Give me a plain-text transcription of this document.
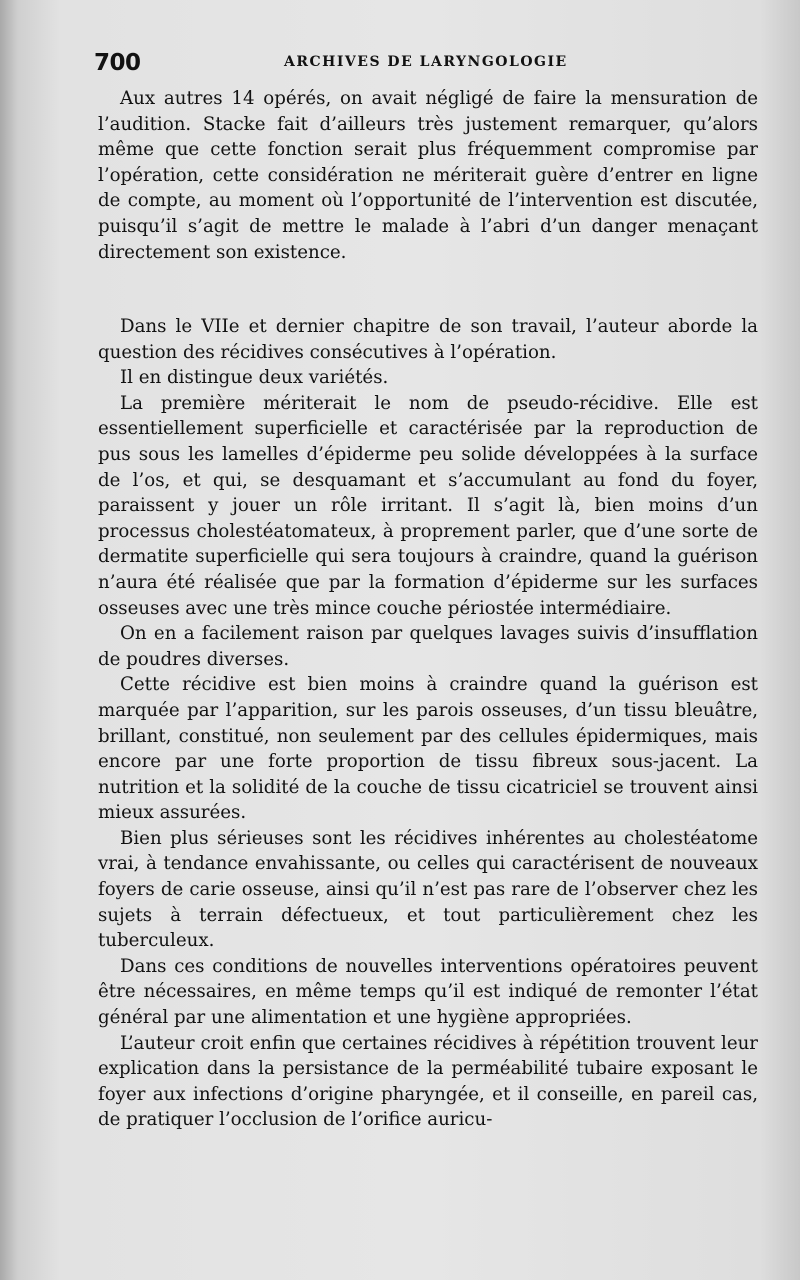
700	ARCHIVES DE LARYNGOLOGIE

Aux autres 14 opérés, on avait négligé de faire la mensuration de l’audition. Stacke fait d’ailleurs très justement remarquer, qu’alors même que cette fonction serait plus fréquemment compromise par l’opération, cette considération ne mériterait guère d’entrer en ligne de compte, au moment où l’opportunité de l’intervention est discutée, puisqu’il s’agit de mettre le malade à l’abri d’un danger menaçant directement son existence.

Dans le VIIe et dernier chapitre de son travail, l’auteur aborde la question des récidives consécutives à l’opération.

Il en distingue deux variétés.

La première mériterait le nom de pseudo-récidive. Elle est essentiellement superficielle et caractérisée par la reproduction de pus sous les lamelles d’épiderme peu solide développées à la surface de l’os, et qui, se desquamant et s’accumulant au fond du foyer, paraissent y jouer un rôle irritant. Il s’agit là, bien moins d’un processus cholestéatomateux, à proprement parler, que d’une sorte de dermatite superficielle qui sera toujours à craindre, quand la guérison n’aura été réalisée que par la formation d’épiderme sur les surfaces osseuses avec une très mince couche périostée intermédiaire.

On en a facilement raison par quelques lavages suivis d’insufflation de poudres diverses.

Cette récidive est bien moins à craindre quand la guérison est marquée par l’apparition, sur les parois osseuses, d’un tissu bleuâtre, brillant, constitué, non seulement par des cellules épidermiques, mais encore par une forte proportion de tissu fibreux sous-jacent. La nutrition et la solidité de la couche de tissu cicatriciel se trouvent ainsi mieux assurées.

Bien plus sérieuses sont les récidives inhérentes au cholestéatome vrai, à tendance envahissante, ou celles qui caractérisent de nouveaux foyers de carie osseuse, ainsi qu’il n’est pas rare de l’observer chez les sujets à terrain défectueux, et tout particulièrement chez les tuberculeux.

Dans ces conditions de nouvelles interventions opératoires peuvent être nécessaires, en même temps qu’il est indiqué de remonter l’état général par une alimentation et une hygiène appropriées.

L’auteur croit enfin que certaines récidives à répétition trouvent leur explication dans la persistance de la perméabilité tubaire exposant le foyer aux infections d’origine pharyngée, et il conseille, en pareil cas, de pratiquer l’occlusion de l’orifice auricu-
